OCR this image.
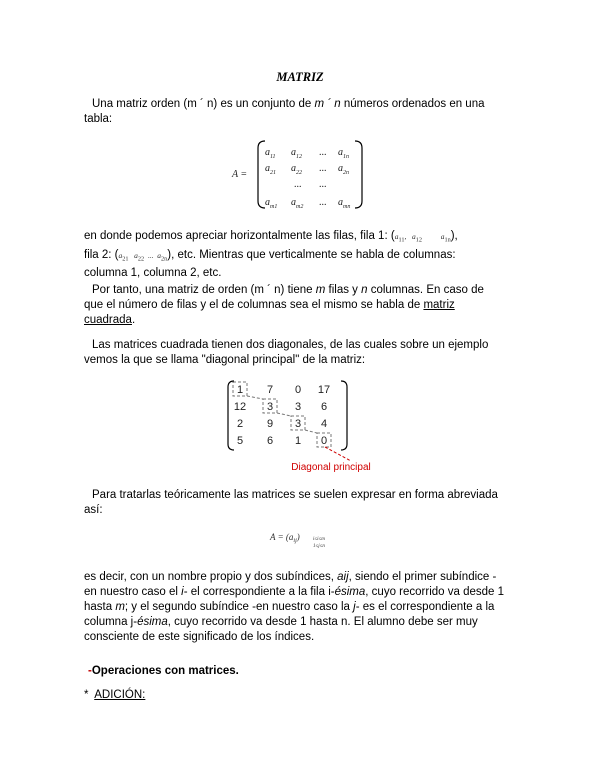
MATRIZ
Una matriz orden (m ´ n) es un conjunto de m ´ n números ordenados en una
tabla:
A =
$a_{11}$ $a_{12}$ ... $a_{1n}$
$a_{21}$ $a_{22}$ ... $a_{2n}$
...
...
$a_{m1}$ $a_{m2}$ ... $a_{mn}$
en donde podemos apreciar horizontalmente las filas, fila 1: ($a_{11}$,   $a_{12}$	$a_{1n}$),
fila 2: ($a_{21}$ $a_{22}$ ... $a_{2n}$), etc. Mientras que verticalmente se habla de columnas:
columna 1, columna 2, etc.
Por tanto, una matriz de orden (m ´ n) tiene m filas y n columnas. En caso de
que el número de filas y el de columnas sea el mismo se habla de matriz
cuadrada.
Las matrices cuadrada tienen dos diagonales, de las cuales sobre un ejemplo
vemos la que se llama "diagonal principal" de la matriz:
1 7 0 17
12 3 3 6
2 9 3 4
5 6 1 0
Diagonal principal
Para tratarlas teóricamente las matrices se suelen expresar en forma abreviada
así:
$A = (a_{ij})$	i≤i≤m
1≤j≤n
es decir, con un nombre propio y dos subíndices, aij, siendo el primer subíndice -
en nuestro caso el i- el correspondiente a la fila i-ésima, cuyo recorrido va desde 1
hasta m; y el segundo subíndice -en nuestro caso la j- es el correspondiente a la
columna j-ésima, cuyo recorrido va desde 1 hasta n. El alumno debe ser muy
consciente de este significado de los índices.
-Operaciones con matrices.
*  ADICIÓN:
